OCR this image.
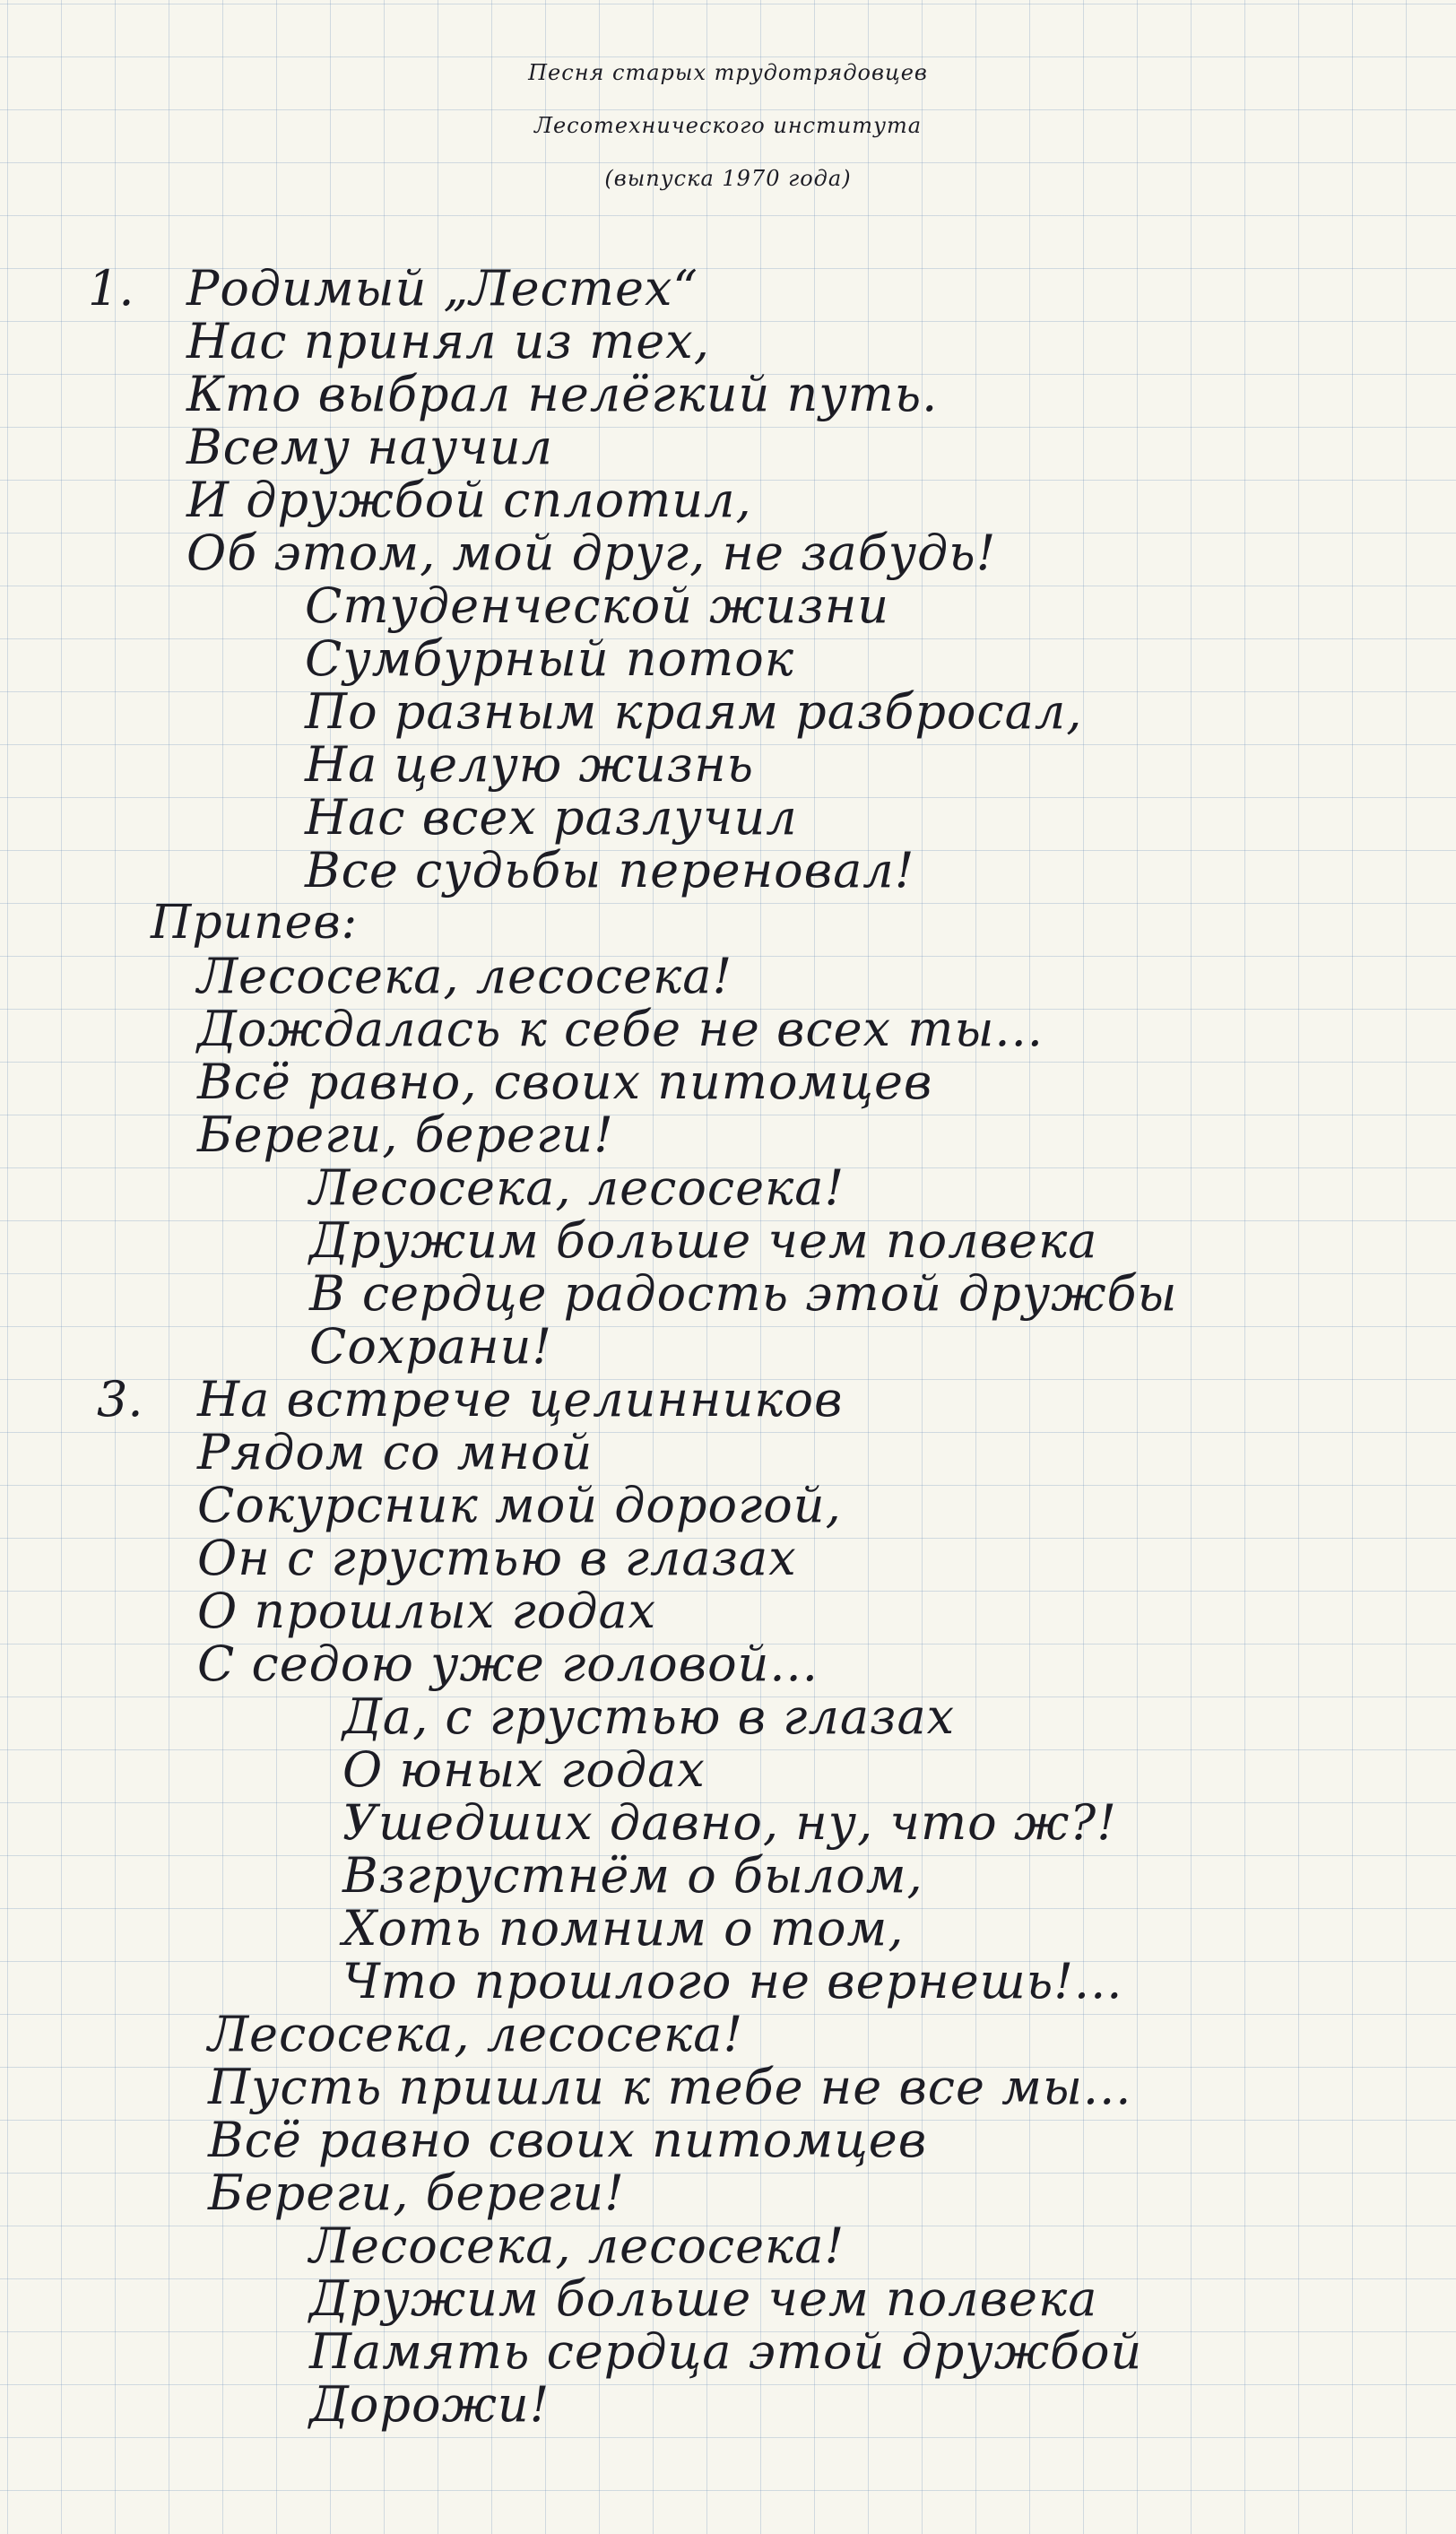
Песня старых трудотрядовцев
Лесотехнического института
(выпуска 1970 года)
1. Родимый „Лестех“
Нас принял из тех,
Кто выбрал нелёгкий путь.
Всему научил
И дружбой сплотил,
Об этом, мой друг, не забудь!
Студенческой жизни
Сумбурный поток
По разным краям разбросал,
На целую жизнь
Нас всех разлучил
Все судьбы переновал!
Припев:
Лесосека, лесосека!
Дождалась к себе не всех ты...
Всё равно, своих питомцев
Береги, береги!
Лесосека, лесосека!
Дружим больше чем полвека
В сердце радость этой дружбы
Сохрани!
3. На встрече целинников
Рядом со мной
Сокурсник мой дорогой,
Он с грустью в глазах
О прошлых годах
С седою уже головой...
Да, с грустью в глазах
О юных годах
Ушедших давно, ну, что ж?!
Взгрустнём о былом,
Хоть помним о том,
Что прошлого не вернешь!...
Лесосека, лесосека!
Пусть пришли к тебе не все мы...
Всё равно своих питомцев
Береги, береги!
Лесосека, лесосека!
Дружим больше чем полвека
Память сердца этой дружбой
Дорожи!
